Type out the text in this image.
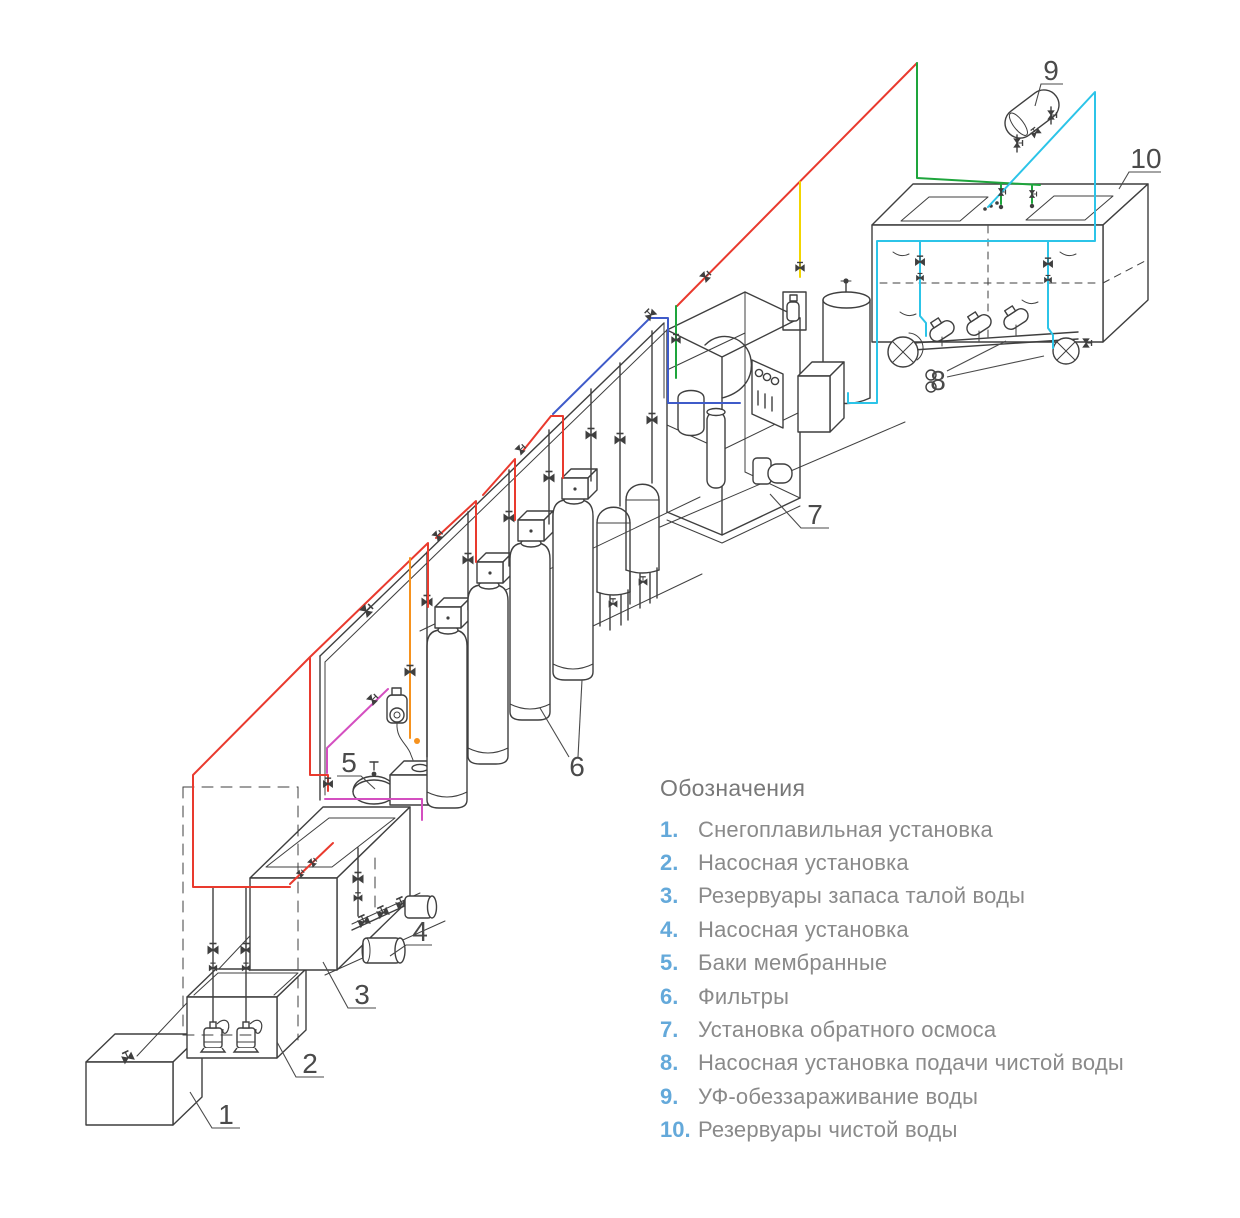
1
2
3
4
5	6
7
8
9
10

Обозначения

1. Снегоплавильная установка
2. Насосная установка
3. Резервуары запаса талой воды
4. Насосная установка
5. Баки мембранные
6. Фильтры
7. Установка обратного осмоса
8. Насосная установка подачи чистой воды
9. УФ-обеззараживание воды
10. Резервуары чистой воды
